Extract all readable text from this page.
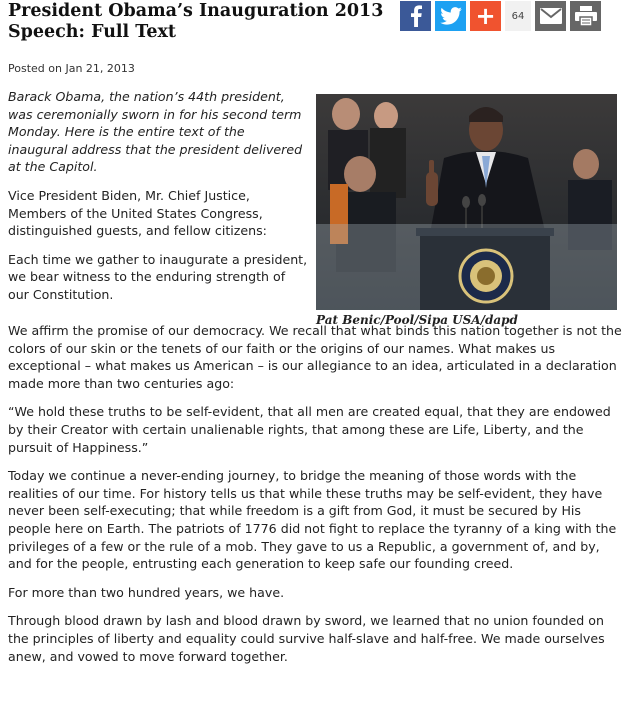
President Obama’s Inauguration 2013 Speech: Full Text
+	64
Posted on Jan 21, 2013

Barack Obama, the nation’s 44th president, was ceremonially sworn in for his second term Monday. Here is the entire text of the inaugural address that the president delivered at the Capitol.

Vice President Biden, Mr. Chief Justice, Members of the United States Congress, distinguished guests, and fellow citizens:

Each time we gather to inaugurate a president, we bear witness to the enduring strength of our Constitution.

Pat Benic/Pool/Sipa USA/dapd

We affirm the promise of our democracy. We recall that what binds this nation together is not the colors of our skin or the tenets of our faith or the origins of our names. What makes us exceptional – what makes us American – is our allegiance to an idea, articulated in a declaration made more than two centuries ago:

“We hold these truths to be self-evident, that all men are created equal, that they are endowed by their Creator with certain unalienable rights, that among these are Life, Liberty, and the pursuit of Happiness.”

Today we continue a never-ending journey, to bridge the meaning of those words with the realities of our time. For history tells us that while these truths may be self-evident, they have never been self-executing; that while freedom is a gift from God, it must be secured by His people here on Earth. The patriots of 1776 did not fight to replace the tyranny of a king with the privileges of a few or the rule of a mob. They gave to us a Republic, a government of, and by, and for the people, entrusting each generation to keep safe our founding creed.

For more than two hundred years, we have.

Through blood drawn by lash and blood drawn by sword, we learned that no union founded on the principles of liberty and equality could survive half-slave and half-free. We made ourselves anew, and vowed to move forward together.
